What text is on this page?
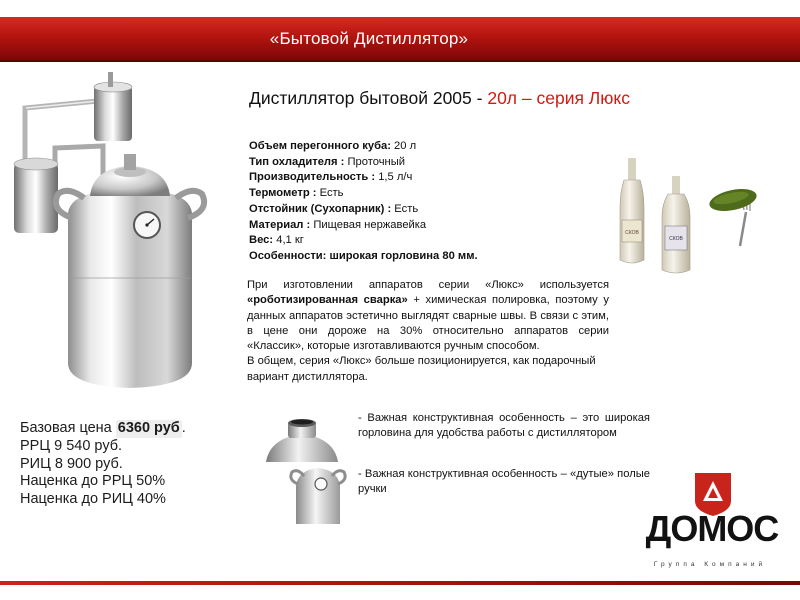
«Бытовой Дистиллятор»
Дистиллятор бытовой 2005 - 20л – серия Люкс
Объем перегонного куба: 20 л
Тип охладителя : Проточный
Производительность : 1,5 л/ч
Термометр : Есть
Отстойник (Сухопарник) : Есть
Материал : Пищевая нержавейка
Вес: 4,1 кг
Особенности: широкая горловина 80 мм.

При изготовлении аппаратов серии «Люкс» используется «роботизированная сварка» + химическая полировка, поэтому у данных аппаратов эстетично выглядят сварные швы. В связи с этим, в цене они дороже на 30% относительно аппаратов серии «Классик», которые изготавливаются ручным способом.

В общем, серия «Люкс» больше позиционируется, как подарочный вариант дистиллятора.

СКОВ
СКОВ
Базовая цена 6360 руб .
РРЦ 9 540 руб.
РИЦ 8 900 руб.
Наценка до РРЦ 50%
Наценка до РИЦ 40%
- Важная конструктивная особенность – это широкая горловина для удобства работы с дистиллятором
- Важная конструктивная особенность – «дутые» полые ручки
ДОМОС
Группа Компаний
